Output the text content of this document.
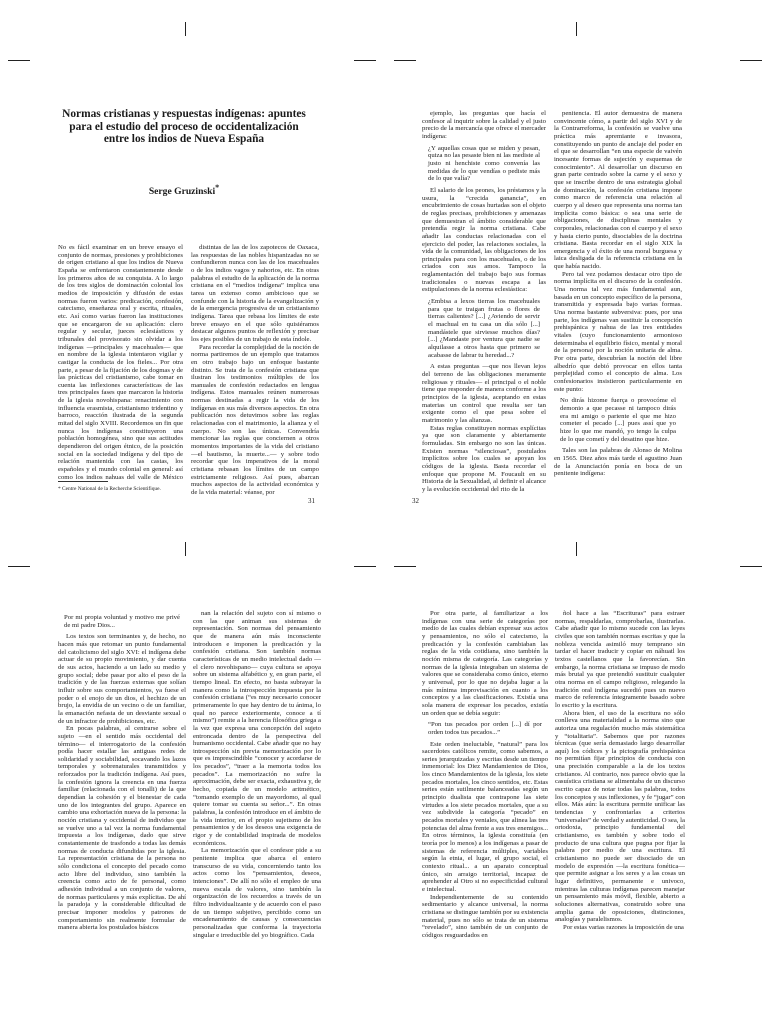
Normas cristianas y respuestas indígenas: apuntes para el estudio del proceso de occidentalización entre los indios de Nueva España
Serge Gruzinski*

No es fácil examinar en un breve ensayo el conjunto de normas, presiones y prohibiciones de origen cristiano al que los indios de Nueva España se enfrentaron constantemente desde los primeros años de su conquista. A lo largo de los tres siglos de dominación colonial los medios de imposición y difusión de estas normas fueron varios: predicación, confesión, catecismo, enseñanza oral y escrita, rituales, etc. Así como varias fueron las instituciones que se encargaron de su aplicación: clero regular y secular, jueces eclesiásticos y tribunales del provisorato sin olvidar a los indígenas —principales y macehuales— que en nombre de la iglesia intentaron vigilar y castigar la conducta de los fieles... Por otra parte, a pesar de la fijación de los dogmas y de las prácticas del cristianismo, cabe tomar en cuenta las inflexiones características de las tres principales fases que marcaron la historia de la iglesia novohispana: renacimiento con influencia erasmista, cristianismo tridentino y barroco, reacción ilustrada de la segunda mitad del siglo XVIII. Recordemos un fin que nunca los indígenas constituyeron una población homogénea, sino que sus actitudes dependieron del origen étnico, de la posición social en la sociedad indígena y del tipo de relación mantenida con las castas, los españoles y el mundo colonial en general: así como los indios nahuas del valle de México

distintas de las de los zapotecos de Oaxaca, las respuestas de las nobles hispanizadas no se confundieron nunca con las de los macehuales o de los indios vagos y nahorios, etc. En otras palabras el estudio de la aplicación de la norma cristiana en el “medios indígena” implica una tarea un extenso como ambicioso que se confunde con la historia de la evangelización y de la emergencia progresiva de un cristianismo indígena. Tarea que rebasa los límites de este breve ensayo en el que sólo quisiéramos destacar algunos puntos de reflexión y precisar los ejes posibles de un trabajo de esta índole.

Para recordar la complejidad de la noción de norma partiremos de un ejemplo que tratamos en otro trabajo bajo un enfoque bastante distinto. Se trata de la confesión cristiana que ilustran los testimonios múltiples de los manuales de confesión redactados en lengua indígena. Estos manuales reúnen numerosas normas destinadas a regir la vida de los indígenas en sus más diversos aspectos. En otra publicación nos detuvimos sobre las reglas relacionadas con el matrimonio, la alianza y el cuerpo. No son las únicas. Convendría mencionar las reglas que conciernen a otros momentos importantes de la vida del cristiano —el bautismo, la muerte...— y sobre todo recordar que los imperativos de la moral cristiana rebasan los límites de un campo estrictamente religioso. Así pues, abarcan muchos aspectos de la actividad económica y de la vida material: véanse, por

* Centre National de la Recherche Scientifique.
31

ejemplo, las preguntas que hacía el confesor al inquirir sobre la calidad y el justo precio de la mercancía que ofrece el mercader indígena:

¿Y aquellas cosas que se miden y pesan, quiza no las pesaste bien ni las mediste al justo ni henchiste como convenía las medidas de lo que vendías o pediste más de lo que valía?

El salario de los peones, los préstamos y la usura, la “crecida ganancia”, en encubrimiento de cosas hurtadas son el objeto de reglas precisas, prohibiciones y amenazas que demuestran el ámbito considerable que pretendía regir la norma cristiana. Cabe añadir las conductas relacionadas con el ejercicio del poder, las relaciones sociales, la vida de la comunidad, las obligaciones de los principales para con los macehuales, o de los criados con sus amos. Tampoco la reglamentación del trabajo bajo sus formas tradicionales o nuevas escapa a las estipulaciones de la norma eclesiástica:

¿Embisa a lexos tierras los macehuales para que te traigan frutas o flores de tierras calientes? [...] ¿Aviendo de servir el machual en tu casa un día sólo [...] mandástele que sirviesse muchos días? [...] ¿Mandaste por ventura que nadie se alquilasse a otros hasta que primero se acabasse de labrar tu heredad...?

A estas preguntas —que nos llevan lejos del terreno de las obligaciones meramente religiosas y rituales— el principal o el noble tiene que responder de manera conforme a los principios de la iglesia, aceptando en estas materias un control que resulta ser tan exigente como el que pesa sobre el matrimonio y las alianzas.

Estas reglas constituyen normas explícitas ya que son claramente y abiertamente formuladas. Sin embargo no son las únicas. Existen normas “silenciosas”, postulados implícitos sobre los cuales se apoyan los códigos de la iglesia. Basta recordar el enfoque que propone M. Foucault en su Historia de la Sexualidad, al definir el alcance y la evolución occidental del rito de la

penitencia. El autor demuestra de manera convincente cómo, a partir del siglo XVI y de la Contrarreforma, la confesión se vuelve una práctica más apremiante e invasora, constituyendo un punto de anclaje del poder en el que se desarrollan “en una especie de vaivén incesante formas de sujeción y esquemas de conocimiento”. Al desarrollar un discurso en gran parte centrado sobre la carne y el sexo y que se inscribe dentro de una estrategia global de dominación, la confesión cristiana impone como marco de referencia una relación al cuerpo y al deseo que representa una norma tan implícita como básica: o sea una serie de obligaciones, de disciplinas mentales y corporales, relacionadas con el cuerpo y el sexo y hasta cierto punto, disociables de la doctrina cristiana. Basta recordar en el siglo XIX la emergencia y el éxito de una moral burguesa y laica desligada de la referencia cristiana en la que había nacido.

Pero tal vez podamos destacar otro tipo de norma implícita en el discurso de la confesión. Una norma tal vez más fundamental aun, basada en un concepto específico de la persona, transmitida y expresada bajo varias formas. Una norma bastante subversiva: pues, por una parte, los indígenas van sustituir la concepción prehispánica y nahua de las tres entidades vitales (cuyo funcionamiento armonioso determinaba el equilibrio físico, mental y moral de la persona) por la noción unitaria de alma. Por otra parte, descubrían la noción del libre albedrío que debió provocar en ellos tanta perplejidad como el concepto de alma. Los confesionarios insistieron particularmente en este punto:

No dirás hizome fuerça o provocóme el demonio a que pecasse ni tampoco dirás era mi amigo o pariente el que me hizo cometer el pecado [...] pues assí que yo hize lo que me mandó, yo tengo la culpa de lo que cometí y del desatino que hize.

Tales son las palabras de Alonso de Molina en 1565. Diez años más tarde el agustino Juan de la Anunciación ponía en boca de un penitente indígena:

32

Por mi propia voluntad y motivo me privé de mi padre Dios...

Los textos son terminantes y, de hecho, no hacen más que retomar un punto fundamental del catolicismo del siglo XVI: el indígena debe actuar de su propio movimiento, y dar cuenta de sus actos, haciendo a un lado su medio y grupo social; debe pasar por alto el peso de la tradición y de las fuerzas externas que solían influir sobre sus comportamientos, ya fuese el poder o el enojo de un dios, el hechizo de un brujo, la envidia de un vecino o de un familiar, la emanación nefasta de un desviante sexual o de un infractor de prohibiciones, etc.

En pocas palabras, al centrarse sobre el sujeto —en el sentido más occidental del término— el interrogatorio de la confesión podía hacer estallar las antiguas redes de solidaridad y sociabilidad, socavando los lazos temporales y sobrenaturales transmitidos y reforzados por la tradición indígena. Así pues, la confesión ignora la creencia en una fuerza familiar (relacionada con el tonalli) de la que dependían la cohesión y el bienestar de cada uno de los integrantes del grupo. Aparece en cambio una exhortación nueva de la persona: la noción cristiana y occidental de individuo que se vuelve uno a tal vez la norma fundamental impuesta a los indígenas, dado que sirve constantemente de trasfondo a todas las demás normas de conducta difundidas por la iglesia. La representación cristiana de la persona no sólo condiciona el concepto del pecado como acto libre del individuo, sino también la creencia como acto de fe personal, como adhesión individual a un conjunto de valores, de normas particulares y más explícitas. De ahí la paradoja y la considerable dificultad de precisar imponer modelos y patrones de comportamiento sin realmente formular de manera abierta los postulados básicos

nan la relación del sujeto con sí mismo o con las que animan sus sistemas de representación. Son normas del pensamiento que de manera aún más inconsciente introducen e imponen la predicación y la confesión cristiana. Son también normas características de un medio intelectual dado —el clero novohispano— cuya cultura se apoya sobre un sistema alfabético y, en gran parte, el tiempo lineal. En efecto, no basta subrayar la manera como la introspección impuesta por la confesión cristiana (“es muy necesario conocer primeramente lo que hay dentro de tu ánima, lo qual no parece exteriormente, conoce a tí mismo”) remite a la herencia filosófica griega a la vez que expresa una concepción del sujeto entroncada dentro de la perspectiva del humanismo occidental. Cabe añadir que no hay introspección sin previa memorización por lo que es imprescindible “conocer y acordarse de los pecados”, “traer a la memoria todos los pecados”. La memorización no sufre la aproximación, debe ser exacta, exhaustiva y, de hecho, copiada de un modelo aritmético, “tomando exemplo de un mayordomo, al qual quiere tomar su cuenta su señor...”. En otras palabras, la confesión introduce en el ámbito de la vida interior, en el propio sujetismo de los pensamientos y de los deseos una exigencia de rigor y de contabilidad inspirada de modelos económicos.

La memorización que el confesor pide a su penitente implica que abarca el entero transcurso de su vida, concerniendo tanto los actos como los “pensamientos, deseos, intenciones”. De allí no sólo el empleo de una nueva escala de valores, sino también la organización de los recuerdos a través de un filtro individualizante y de acuerdo con el paso de un tiempo subjetivo, percibido como un encadenamiento de causas y consecuencias personalizadas que conforma la trayectoria singular e irreducible del yo biográfico. Cada

Por otra parte, al familiarizar a los indígenas con una serie de categorías por medio de las cuales debían expresar sus actos y pensamientos, no sólo el catecismo, la predicación y la confesión cambiaban las reglas de la vida cotidiana, sino también la noción misma de categoría. Las categorías y normas de la iglesia integraban un sistema de valores que se consideraba como único, eterno y universal, por lo que no dejaba lugar a la más mínima improvisación en cuanto a los conceptos y a las clasificaciones. Existía una sola manera de expresar los pecados, existía un orden que se debía seguir:

“Pon tus pecados por orden [...] dí por orden todos tus pecados...”

Este orden ineluctable, “natural” para los sacerdotes católicos remite, como sabemos, a series jerarquizadas y escritas desde un tiempo inmemorial: los Diez Mandamientos de Dios, los cinco Mandamientos de la iglesia, los siete pecados mortales, los cinco sentidos, etc. Estas series están sutilmente balanceadas según un principio dualista que contrapone las siete virtudes a los siete pecados mortales, que a su vez subdivide la categoría “pecado” en pecados mortales y veniales, que alinea las tres potencias del alma frente a sus tres enemigos... En otros términos, la iglesia constituía (en teoría por lo menos) a los indígenas a pasar de sistemas de referencia múltiples, variables según la etnia, el lugar, el grupo social, el contexto ritual... a un aparato conceptual único, sin arraigo territorial, incapaz de aprehender al Otro si no especificidad cultural e intelectual.

Independientemente de su contenido sedimentario y alcance universal, la norma cristiana se distingue también por su existencia material, pues no sólo se trata de un sistema “revelado”, sino también de un conjunto de códigos resguardados en

ñol hace a las “Escrituras” para estraer normas, respaldarlas, comprobarlas, ilustrarlas. Cabe añadir que lo mismo sucede con las leyes civiles que son también normas escritas y que la nobleza vencida asimiló muy temprano sin tardar el hacer traducir y copiar en náhuatl los textos castellanos que la favorecían. Sin embargo, la norma cristiana se impuso de modo más brutal ya que pretendió sustituir cualquier otra norma en el campo religioso, relegando la tradición oral indígena sucedió pues un nuevo marco de referencia íntegramente basado sobre lo escrito y la escritura.

Ahora bien, el uso de la escritura no sólo conlleva una materialidad a la norma sino que autoriza una regulación mucho más sistemática y “totalitaria”. Sabemos que por razones técnicas (que sería demasiado largo desarrollar aquí) los códices y la pictografía prehispánica no permitían fijar principios de conducta con una precisión comparable a la de los textos cristianos. Al contrario, nos parece obvio que la casuística cristiana se alimentaba de un discurso escrito capaz de notar todas las palabras, todos los conceptos y sus inflexiones, y fe “jugar” con ellos. Más aún: la escritura permite unificar las tendencias y confrontarlas a criterios “universales” de verdad y autenticidad. O sea, la ortodoxia, principio fundamental del cristianismo, es también y sobre todo el producto de una cultura que pugna por fijar la palabra por medio de una escritura. El cristianismo no puede ser disociado de un modelo de expresión —la escritura fonética— que permite asignar a los seres y a las cosas un lugar definitivo, permanente e univoco, mientras las culturas indígenas parecen manejar un pensamiento más móvil, flexible, abierto a soluciones alternativas, construido sobre una amplia gama de oposiciones, distinciones, analogías y paralelismos.

Por estas varias razones la imposición de una
